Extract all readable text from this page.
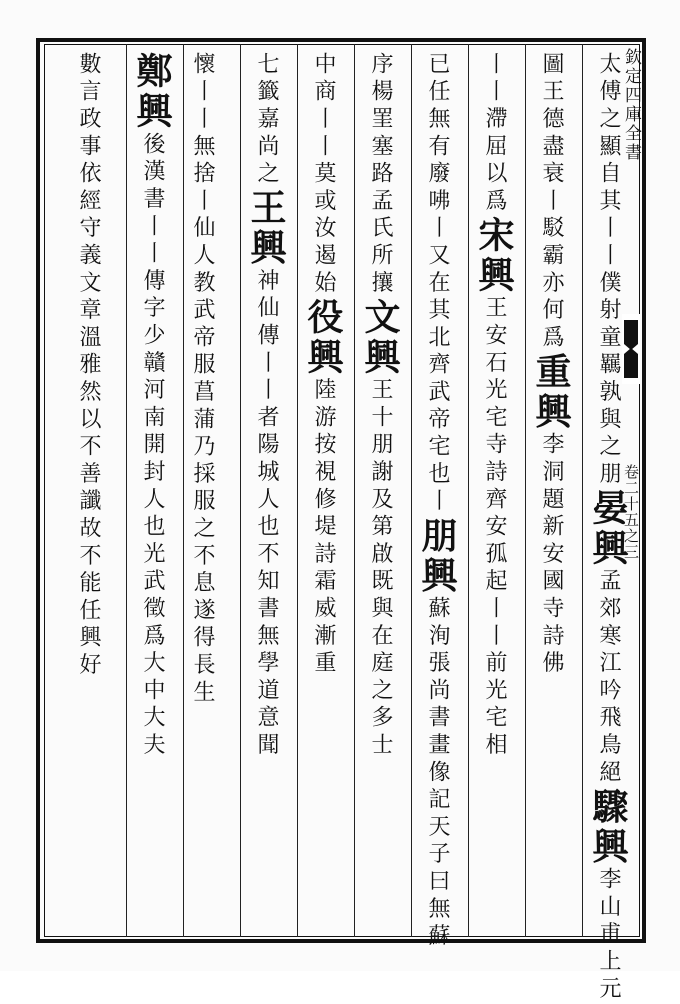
欽定四庫全書
卷二十五之三
太傅之顯自其丨丨僕射童羈孰與之朋晏興孟郊寒江吟飛鳥絕驟興李山甫上元
圖王德盡衰丨駁霸亦何爲重興李洞題新安國寺詩佛
丨丨滯屈以爲宋興王安石光宅寺詩齊安孤起丨丨前光宅相
已任無有廢咈丨又在其北齊武帝宅也丨朋興蘇洵張尚書畫像記天子曰無蘇
序楊罣塞路孟氏所攘文興王十朋謝及第啟既與在庭之多士
中商丨丨莫或汝遏始役興陸游按視修堤詩霜威漸重
七籤嘉尚之王興神仙傳丨丨者陽城人也不知書無學道意聞
懷丨丨無捨丨仙人教武帝服菖蒲乃採服之不息遂得長生
鄭興後漢書丨丨傳字少贛河南開封人也光武徵爲大中大夫
數言政事依經守義文章溫雅然以不善讖故不能任興好
